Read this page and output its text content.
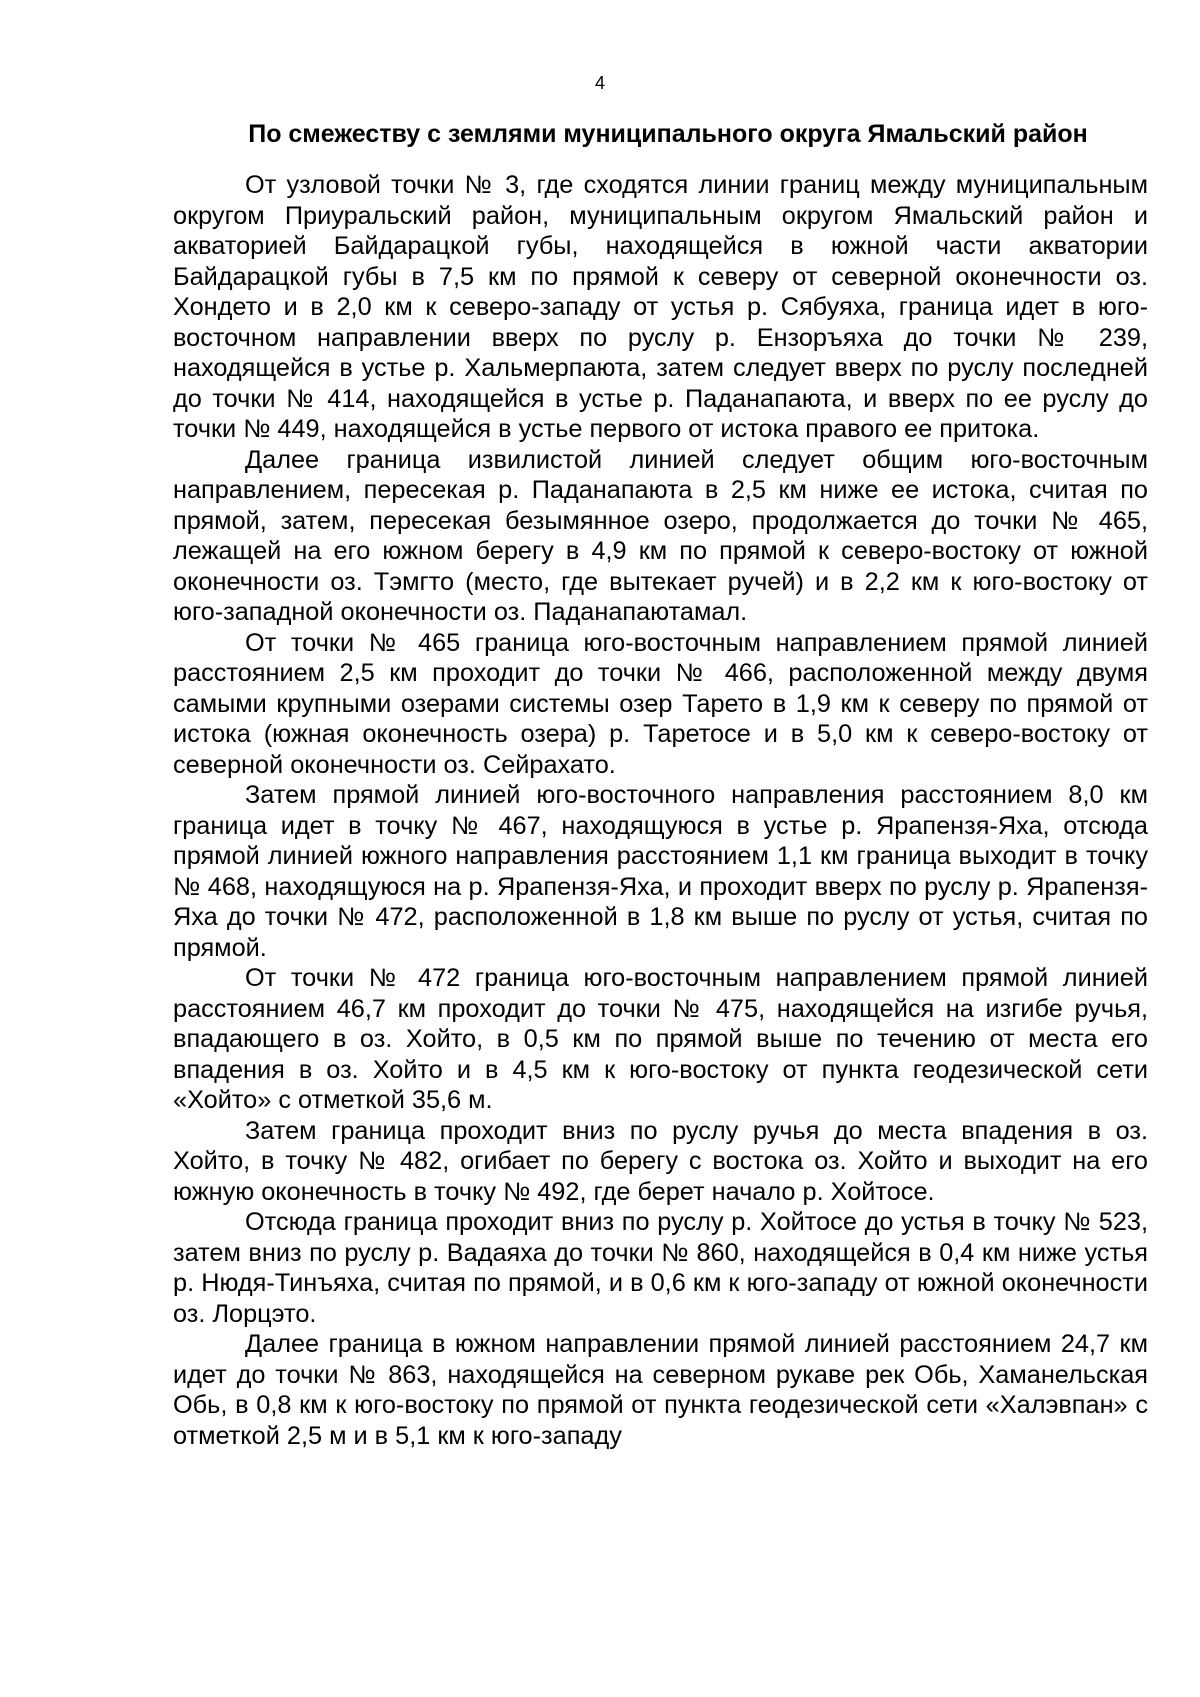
4
По смежеству с землями муниципального округа Ямальский район

От узловой точки № 3, где сходятся линии границ между муниципальным округом Приуральский район, муниципальным округом Ямальский район и акваторией Байдарацкой губы, находящейся в южной части акватории Байдарацкой губы в 7,5 км по прямой к северу от северной оконечности оз. Хондето и в 2,0 км к северо-западу от устья р. Сябуяха, граница идет в юго-восточном направлении вверх по руслу р. Ензоръяха до точки № 239, находящейся в устье р. Хальмерпаюта, затем следует вверх по руслу последней до точки № 414, находящейся в устье р. Паданапаюта, и вверх по ее руслу до точки № 449, находящейся в устье первого от истока правого ее притока.

Далее граница извилистой линией следует общим юго-восточным направлением, пересекая р. Паданапаюта в 2,5 км ниже ее истока, считая по прямой, затем, пересекая безымянное озеро, продолжается до точки № 465, лежащей на его южном берегу в 4,9 км по прямой к северо-востоку от южной оконечности оз. Тэмгто (место, где вытекает ручей) и в 2,2 км к юго-востоку от юго-западной оконечности оз. Паданапаютамал.

От точки № 465 граница юго-восточным направлением прямой линией расстоянием 2,5 км проходит до точки № 466, расположенной между двумя самыми крупными озерами системы озер Тарето в 1,9 км к северу по прямой от истока (южная оконечность озера) р. Таретосе и в 5,0 км к северо-востоку от северной оконечности оз. Сейрахато.

Затем прямой линией юго-восточного направления расстоянием 8,0 км граница идет в точку № 467, находящуюся в устье р. Ярапензя-Яха, отсюда прямой линией южного направления расстоянием 1,1 км граница выходит в точку № 468, находящуюся на р. Ярапензя-Яха, и проходит вверх по руслу р. Ярапензя-Яха до точки № 472, расположенной в 1,8 км выше по руслу от устья, считая по прямой.

От точки № 472 граница юго-восточным направлением прямой линией расстоянием 46,7 км проходит до точки № 475, находящейся на изгибе ручья, впадающего в оз. Хойто, в 0,5 км по прямой выше по течению от места его впадения в оз. Хойто и в 4,5 км к юго-востоку от пункта геодезической сети «Хойто» с отметкой 35,6 м.

Затем граница проходит вниз по руслу ручья до места впадения в оз. Хойто, в точку № 482, огибает по берегу с востока оз. Хойто и выходит на его южную оконечность в точку № 492, где берет начало р. Хойтосе.

Отсюда граница проходит вниз по руслу р. Хойтосе до устья в точку № 523, затем вниз по руслу р. Вадаяха до точки № 860, находящейся в 0,4 км ниже устья р. Нюдя-Тинъяха, считая по прямой, и в 0,6 км к юго-западу от южной оконечности оз. Лорцэто.

Далее граница в южном направлении прямой линией расстоянием 24,7 км идет до точки № 863, находящейся на северном рукаве рек Обь, Хаманельская Обь, в 0,8 км к юго-востоку по прямой от пункта геодезической сети «Халэвпан» с отметкой 2,5 м и в 5,1 км к юго-западу
